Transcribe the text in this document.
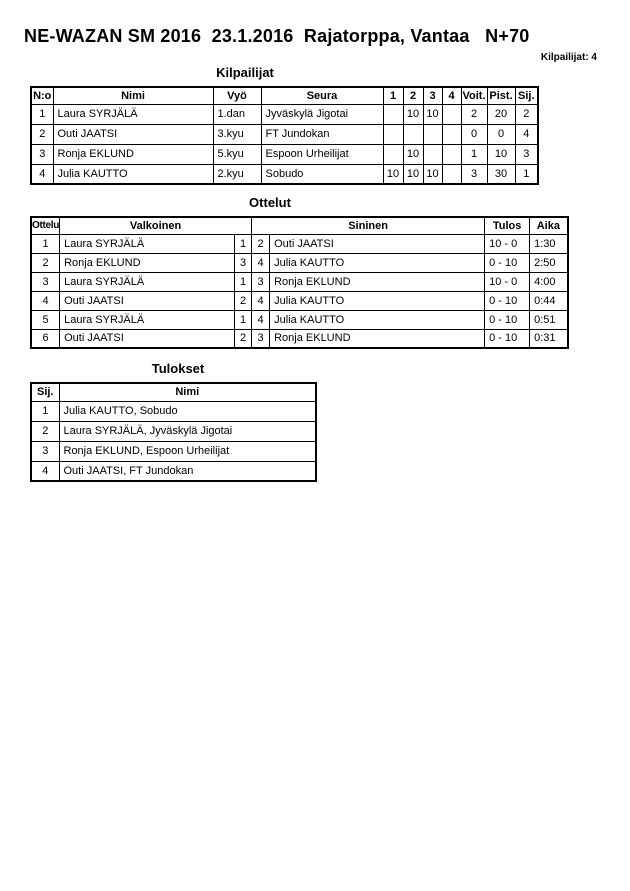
NE-WAZAN SM 2016  23.1.2016  Rajatorppa, Vantaa   N+70
Kilpailijat: 4
Kilpailijat
N:o	Nimi	Vyö	Seura	1	2	3	4	Voit.	Pist.	Sij.
1	Laura SYRJÄLÄ	1.dan	Jyväskylä Jigotai		10	10		2	20	2
2	Outi JAATSI	3.kyu	FT Jundokan					0	0	4
3	Ronja EKLUND	5.kyu	Espoon Urheilijat		10			1	10	3
4	Julia KAUTTO	2.kyu	Sobudo	10	10	10		3	30	1
Ottelut
Ottelu	Valkoinen		Sininen		Tulos	Aika
1	Laura SYRJÄLÄ	1	2	Outi JAATSI	10 - 0	1:30
2	Ronja EKLUND	3	4	Julia KAUTTO	0 - 10	2:50
3	Laura SYRJÄLÄ	1	3	Ronja EKLUND	10 - 0	4:00
4	Outi JAATSI	2	4	Julia KAUTTO	0 - 10	0:44
5	Laura SYRJÄLÄ	1	4	Julia KAUTTO	0 - 10	0:51
6	Outi JAATSI	2	3	Ronja EKLUND	0 - 10	0:31
Tulokset
Sij.	Nimi
1	Julia KAUTTO, Sobudo
2	Laura SYRJÄLÄ, Jyväskylä Jigotai
3	Ronja EKLUND, Espoon Urheilijat
4	Outi JAATSI, FT Jundokan
